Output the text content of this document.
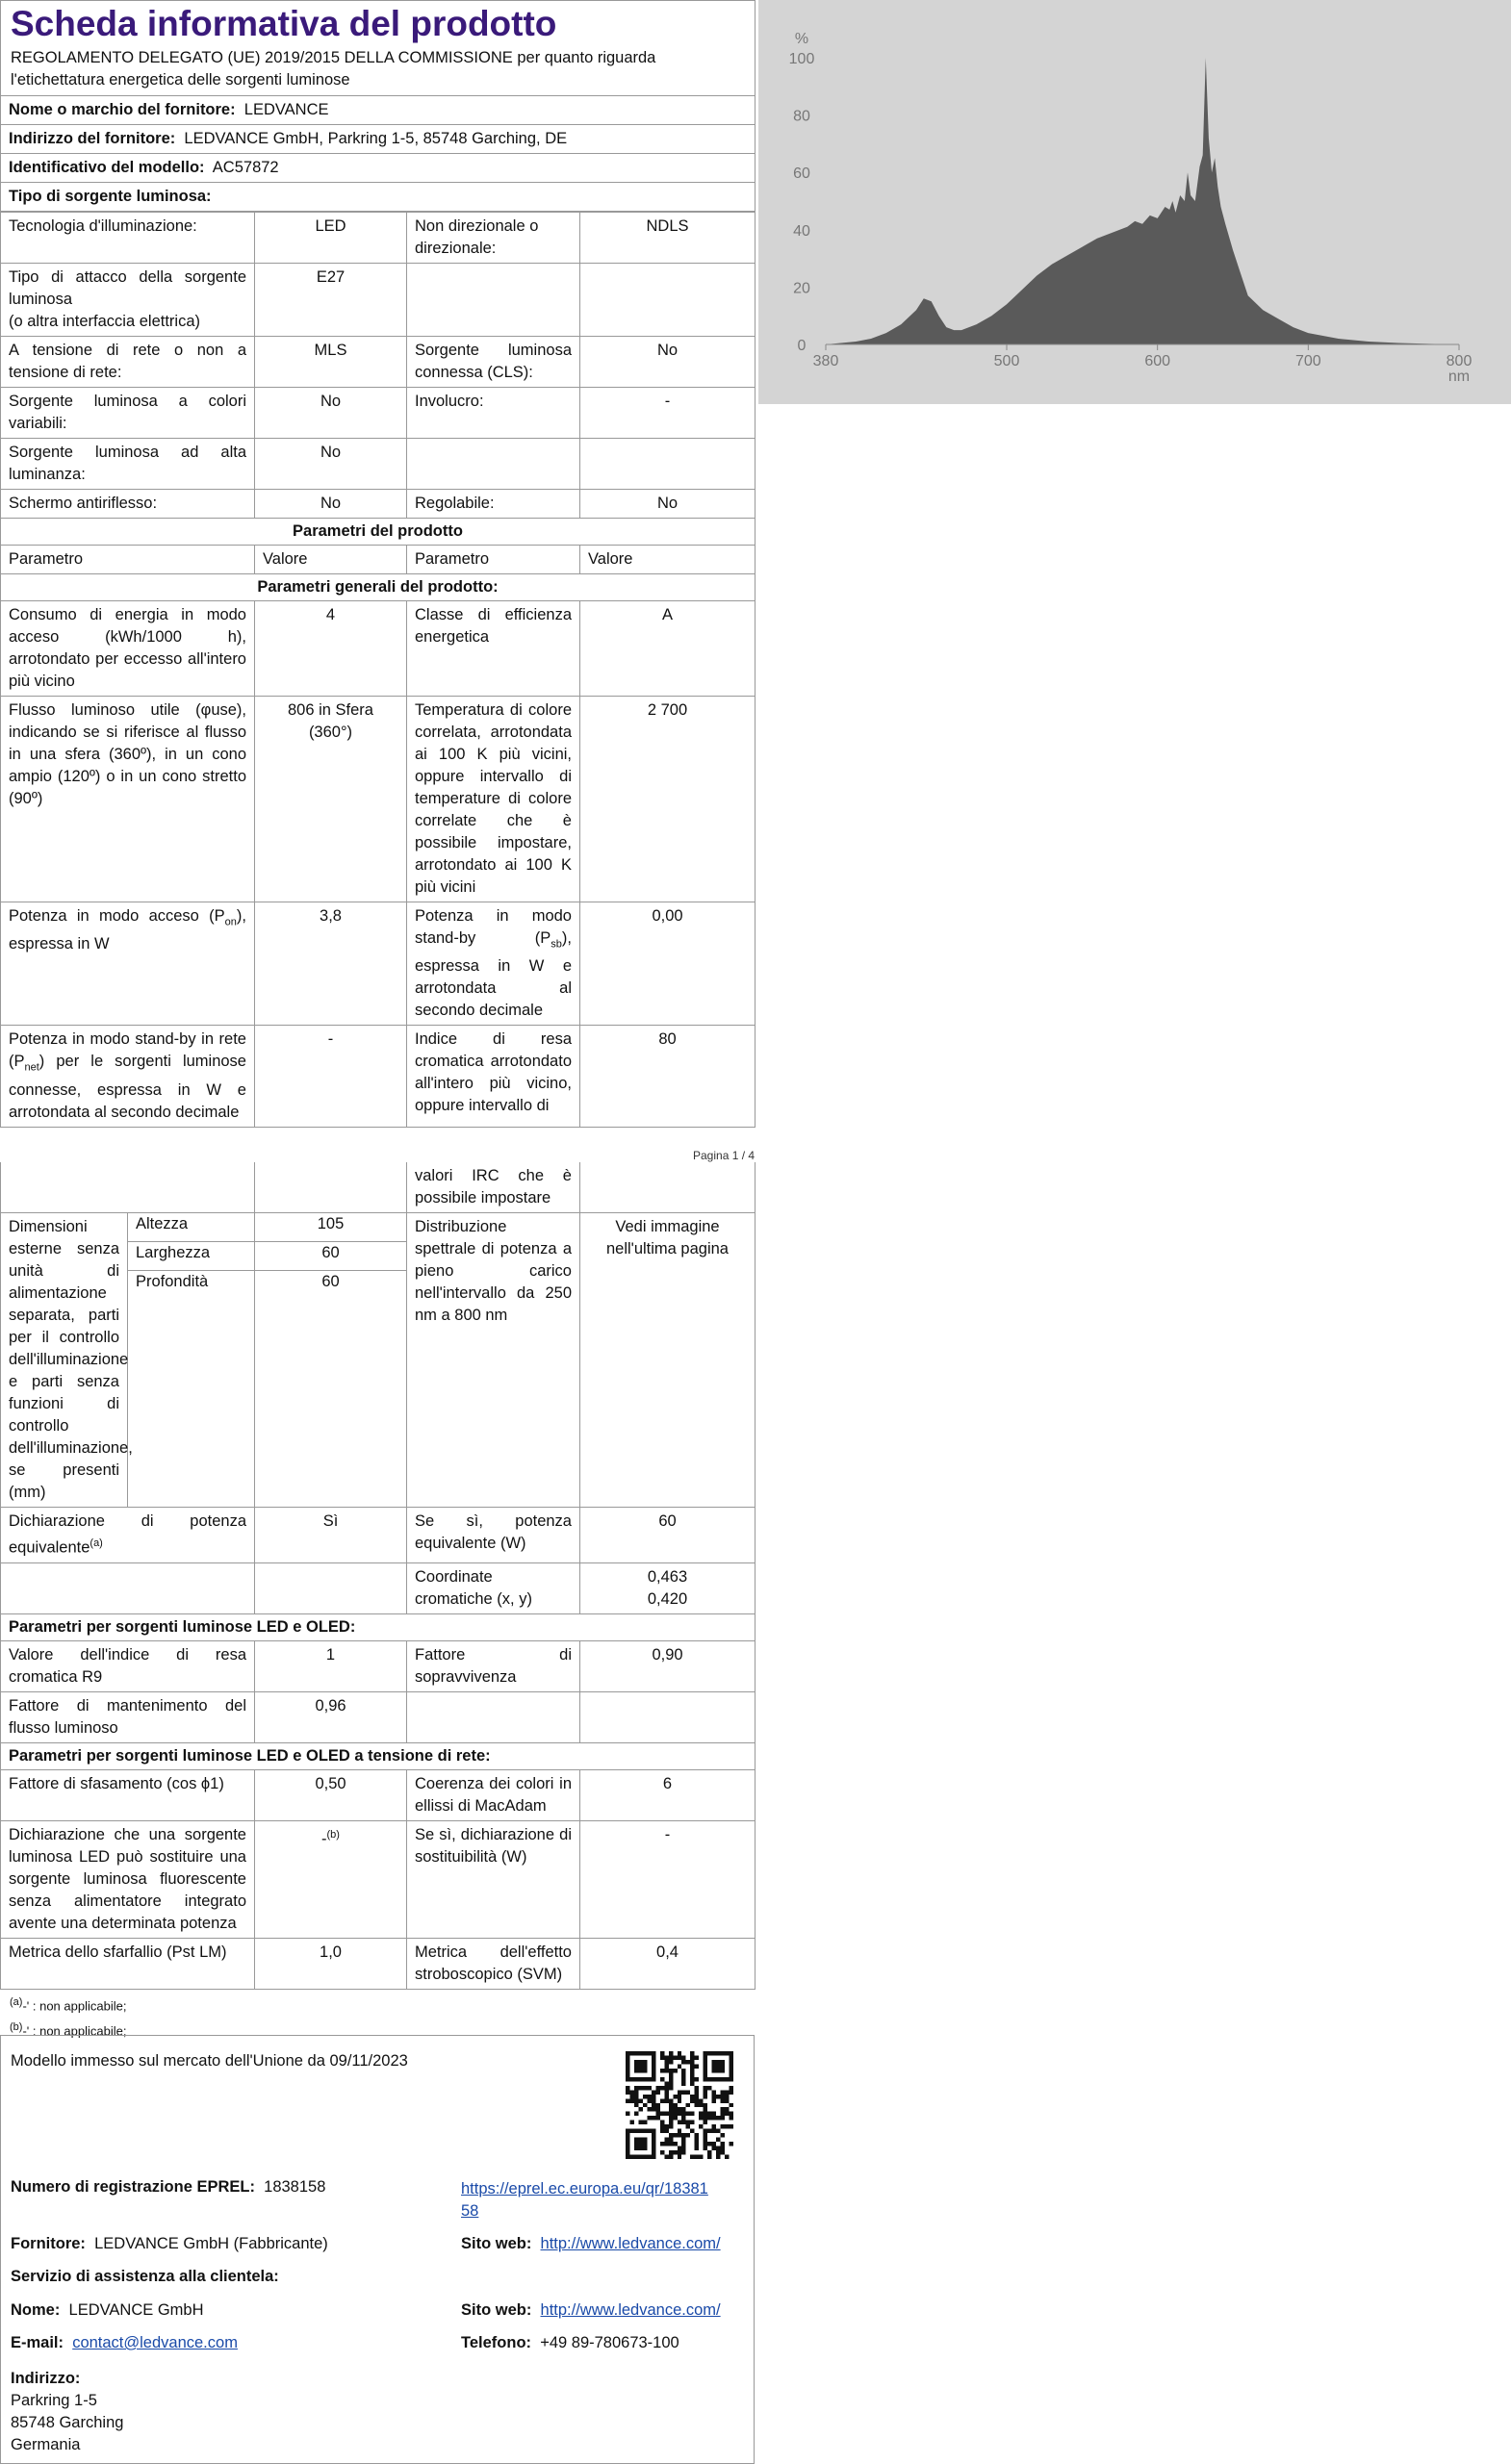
380	500	600	700	800
0
20
40
60
80
100
%
nm
Scheda informativa del prodotto
REGOLAMENTO DELEGATO (UE) 2019/2015 DELLA COMMISSIONE per quanto riguarda l'etichettatura energetica delle sorgenti luminose

Nome o marchio del fornitore: LEDVANCE
Indirizzo del fornitore: LEDVANCE GmbH, Parkring 1-5, 85748 Garching, DE
Identificativo del modello: AC57872
Tipo di sorgente luminosa:
Tecnologia d'illuminazione:	LED	Non direzionale o direzionale:	NDLS
Tipo di attacco della sorgente luminosa
(o altra interfaccia elettrica)	E27		
A tensione di rete o non a tensione di rete:	MLS	Sorgente luminosa connessa (CLS):	No
Sorgente luminosa a colori variabili:	No	Involucro:	-
Sorgente luminosa ad alta luminanza:	No		
Schermo antiriflesso:	No	Regolabile:	No
Parametri del prodotto			
Parametro	Valore	Parametro	Valore
Parametri generali del prodotto:			
Consumo di energia in modo acceso (kWh/1000 h), arrotondato per eccesso all'intero più vicino	4	Classe di efficienza energetica	A
Flusso luminoso utile (φuse), indicando se si riferisce al flusso in una sfera (360º), in un cono ampio (120º) o in un cono stretto (90º)	806 in Sfera (360°)	Temperatura di colore correlata, arrotondata ai 100 K più vicini, oppure intervallo di temperature di colore correlate che è possibile impostare, arrotondato ai 100 K più vicini	2 700
Potenza in modo acceso $(P_{on})$, espressa in W	3,8	Potenza in modo stand-by $(P_{sb})$, espressa in W e arrotondata al secondo decimale	0,00
Potenza in modo stand-by in rete $(P_{net})$ per le sorgenti luminose connesse, espressa in W e arrotondata al secondo decimale	-	Indice di resa cromatica arrotondato all'intero più vicino, oppure intervallo di	80
Pagina 1 / 4
			valori IRC che è possibile impostare	
Dimensioni esterne senza unità di alimentazione separata, parti per il controllo dell'illuminazione e parti senza funzioni di controllo dell'illuminazione, se presenti (mm)	Altezza	105	Distribuzione spettrale di potenza a pieno carico nell'intervallo da 250 nm a 800 nm	Vedi immagine nell'ultima pagina
	Larghezza	60		
	Profondità	60		
Dichiarazione di potenza equivalente$^{(a)}$		Sì	Se sì, potenza equivalente (W)	60
			Coordinate cromatiche (x, y)	0,463
0,420
Parametri per sorgenti luminose LED e OLED:				
Valore dell'indice di resa cromatica R9		1	Fattore di sopravvivenza	0,90
Fattore di mantenimento del flusso luminoso		0,96		
Parametri per sorgenti luminose LED e OLED a tensione di rete:				
Fattore di sfasamento (cos ϕ1)		0,50	Coerenza dei colori in ellissi di MacAdam	6
Dichiarazione che una sorgente luminosa LED può sostituire una sorgente luminosa fluorescente senza alimentatore integrato avente una determinata potenza		-$^{(b)}$	Se sì, dichiarazione di sostituibilità (W)	-
Metrica dello sfarfallio (Pst LM)		1,0	Metrica dell'effetto stroboscopico (SVM)	0,4
$^{(a)}$-' : non applicabile;
$^{(b)}$-' : non applicabile;
Modello immesso sul mercato dell'Unione da 09/11/2023
Numero di registrazione EPREL: 1838158	https://eprel.ec.europa.eu/qr/1838158
Fornitore: LEDVANCE GmbH (Fabbricante)	Sito web: http://www.ledvance.com/
Servizio di assistenza alla clientela:
Nome: LEDVANCE GmbH	Sito web: http://www.ledvance.com/
E-mail: contact@ledvance.com	Telefono: +49 89-780673-100
Indirizzo:
Parkring 1-5
85748 Garching
Germania
